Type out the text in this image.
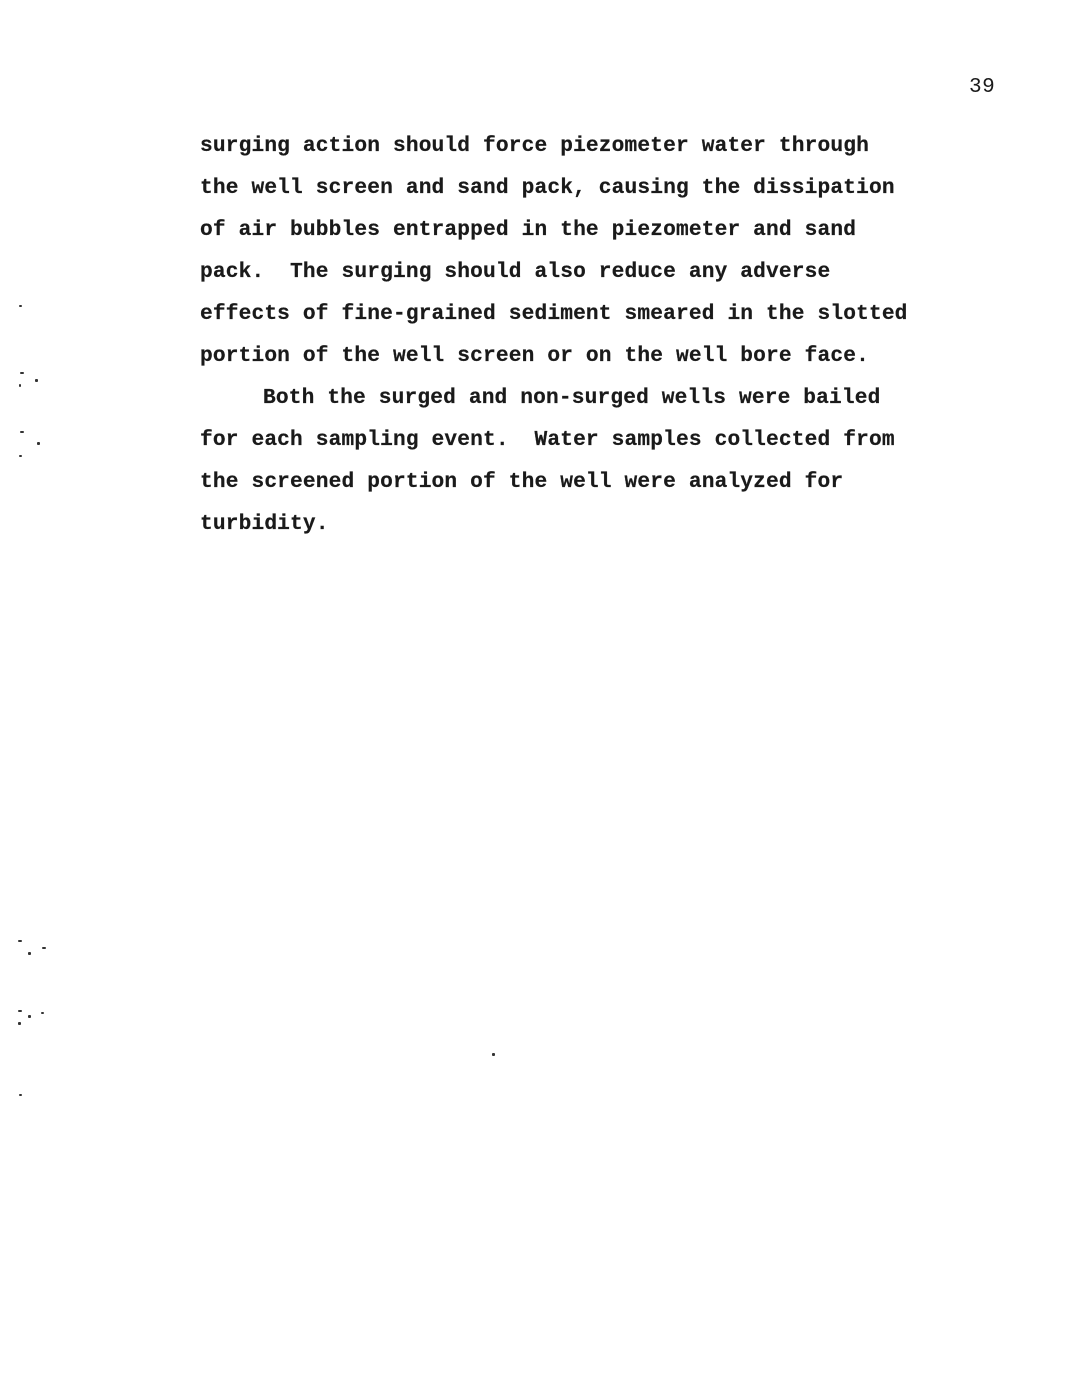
39
surging action should force piezometer water through
the well screen and sand pack, causing the dissipation
of air bubbles entrapped in the piezometer and sand
pack.  The surging should also reduce any adverse
effects of fine-grained sediment smeared in the slotted
portion of the well screen or on the well bore face.
Both the surged and non-surged wells were bailed
for each sampling event.  Water samples collected from
the screened portion of the well were analyzed for
turbidity.
